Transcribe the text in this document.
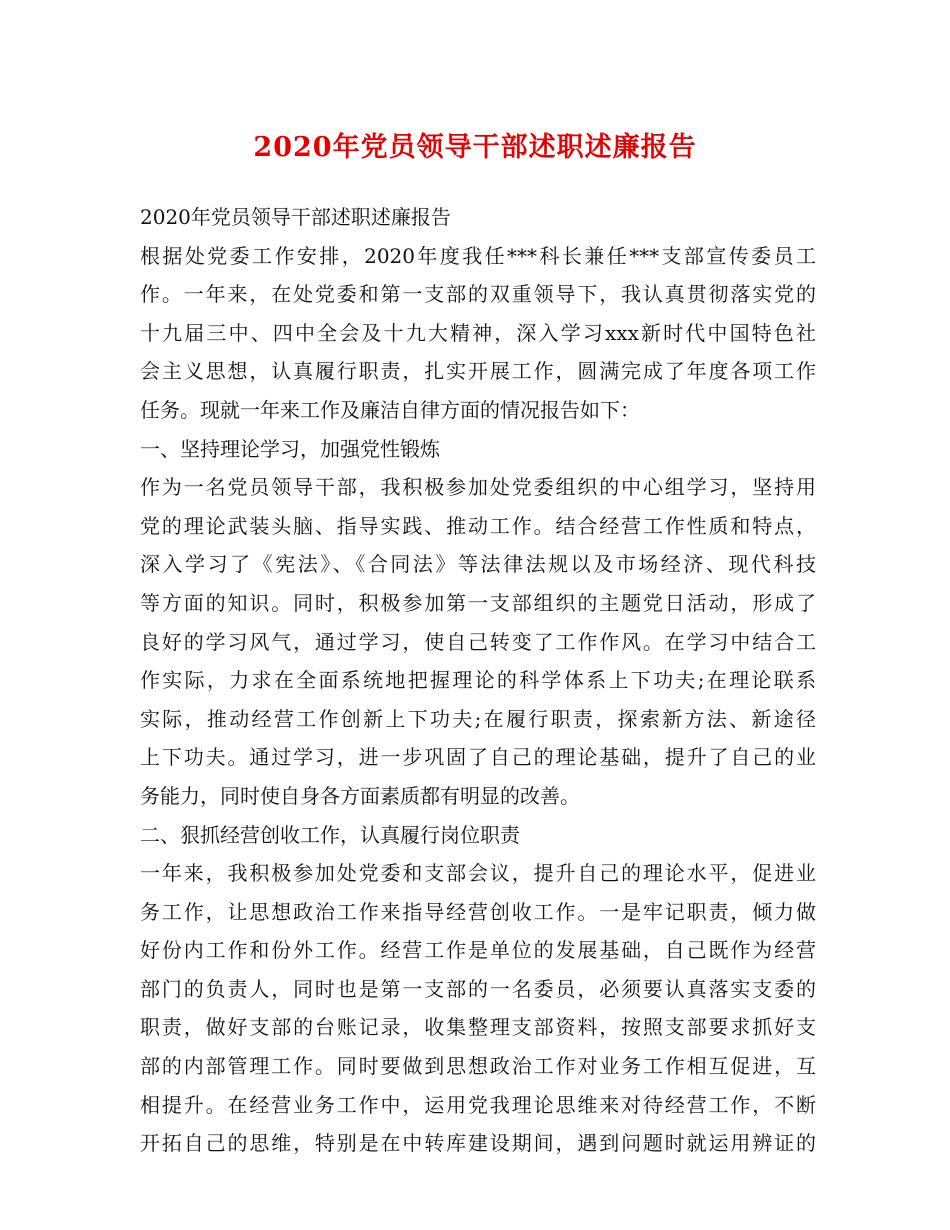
2020年党员领导干部述职述廉报告
2020年党员领导干部述职述廉报告
根据处党委工作安排，2020年度我任***科长兼任***支部宣传委员工
作。一年来，在处党委和第一支部的双重领导下，我认真贯彻落实党的
十九届三中、四中全会及十九大精神，深入学习xxx新时代中国特色社
会主义思想，认真履行职责，扎实开展工作，圆满完成了年度各项工作
任务。现就一年来工作及廉洁自律方面的情况报告如下：
一、坚持理论学习，加强党性锻炼
作为一名党员领导干部，我积极参加处党委组织的中心组学习，坚持用
党的理论武装头脑、指导实践、推动工作。结合经营工作性质和特点，
深入学习了《宪法》、《合同法》等法律法规以及市场经济、现代科技
等方面的知识。同时，积极参加第一支部组织的主题党日活动，形成了
良好的学习风气，通过学习，使自己转变了工作作风。在学习中结合工
作实际，力求在全面系统地把握理论的科学体系上下功夫;在理论联系
实际，推动经营工作创新上下功夫;在履行职责，探索新方法、新途径
上下功夫。通过学习，进一步巩固了自己的理论基础，提升了自己的业
务能力，同时使自身各方面素质都有明显的改善。
二、狠抓经营创收工作，认真履行岗位职责
一年来，我积极参加处党委和支部会议，提升自己的理论水平，促进业
务工作，让思想政治工作来指导经营创收工作。一是牢记职责，倾力做
好份内工作和份外工作。经营工作是单位的发展基础，自己既作为经营
部门的负责人，同时也是第一支部的一名委员，必须要认真落实支委的
职责，做好支部的台账记录，收集整理支部资料，按照支部要求抓好支
部的内部管理工作。同时要做到思想政治工作对业务工作相互促进，互
相提升。在经营业务工作中，运用党我理论思维来对待经营工作，不断
开拓自己的思维，特别是在中转库建设期间，遇到问题时就运用辨证的
